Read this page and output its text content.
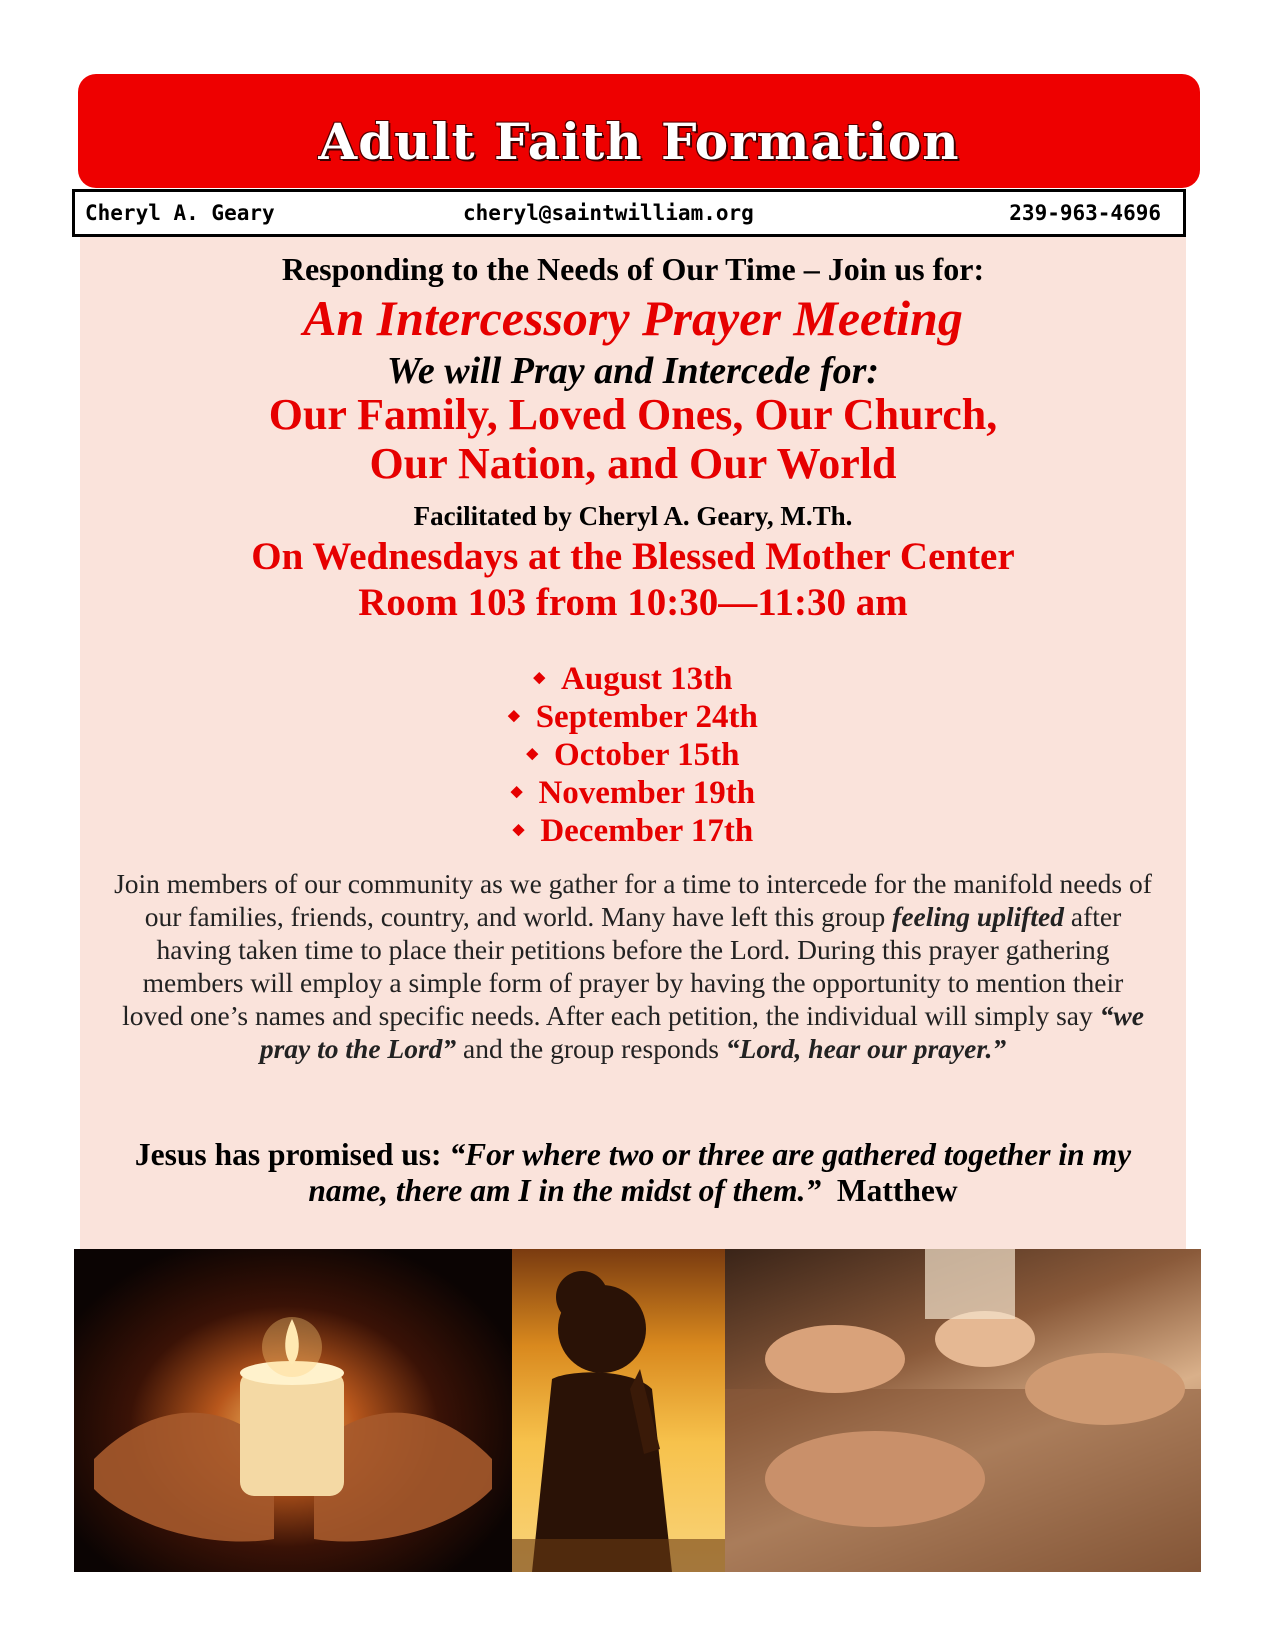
Adult Faith Formation
Cheryl A. Geary	cheryl@saintwilliam.org	239-963-4696
Responding to the Needs of Our Time – Join us for:
An Intercessory Prayer Meeting
We will Pray and Intercede for:
Our Family, Loved Ones, Our Church,
Our Nation, and Our World
Facilitated by Cheryl A. Geary, M.Th.
On Wednesdays at the Blessed Mother Center
Room 103 from 10:30—11:30 am
◆ August 13th
◆ September 24th
◆ October 15th
◆ November 19th
◆ December 17th
Join members of our community as we gather for a time to intercede for the manifold needs of our families, friends, country, and world. Many have left this group feeling uplifted after having taken time to place their petitions before the Lord. During this prayer gathering members will employ a simple form of prayer by having the opportunity to mention their loved one’s names and specific needs. After each petition, the individual will simply say “we pray to the Lord” and the group responds “Lord, hear our prayer.”
Jesus has promised us: “For where two or three are gathered together in my name, there am I in the midst of them.” Matthew
